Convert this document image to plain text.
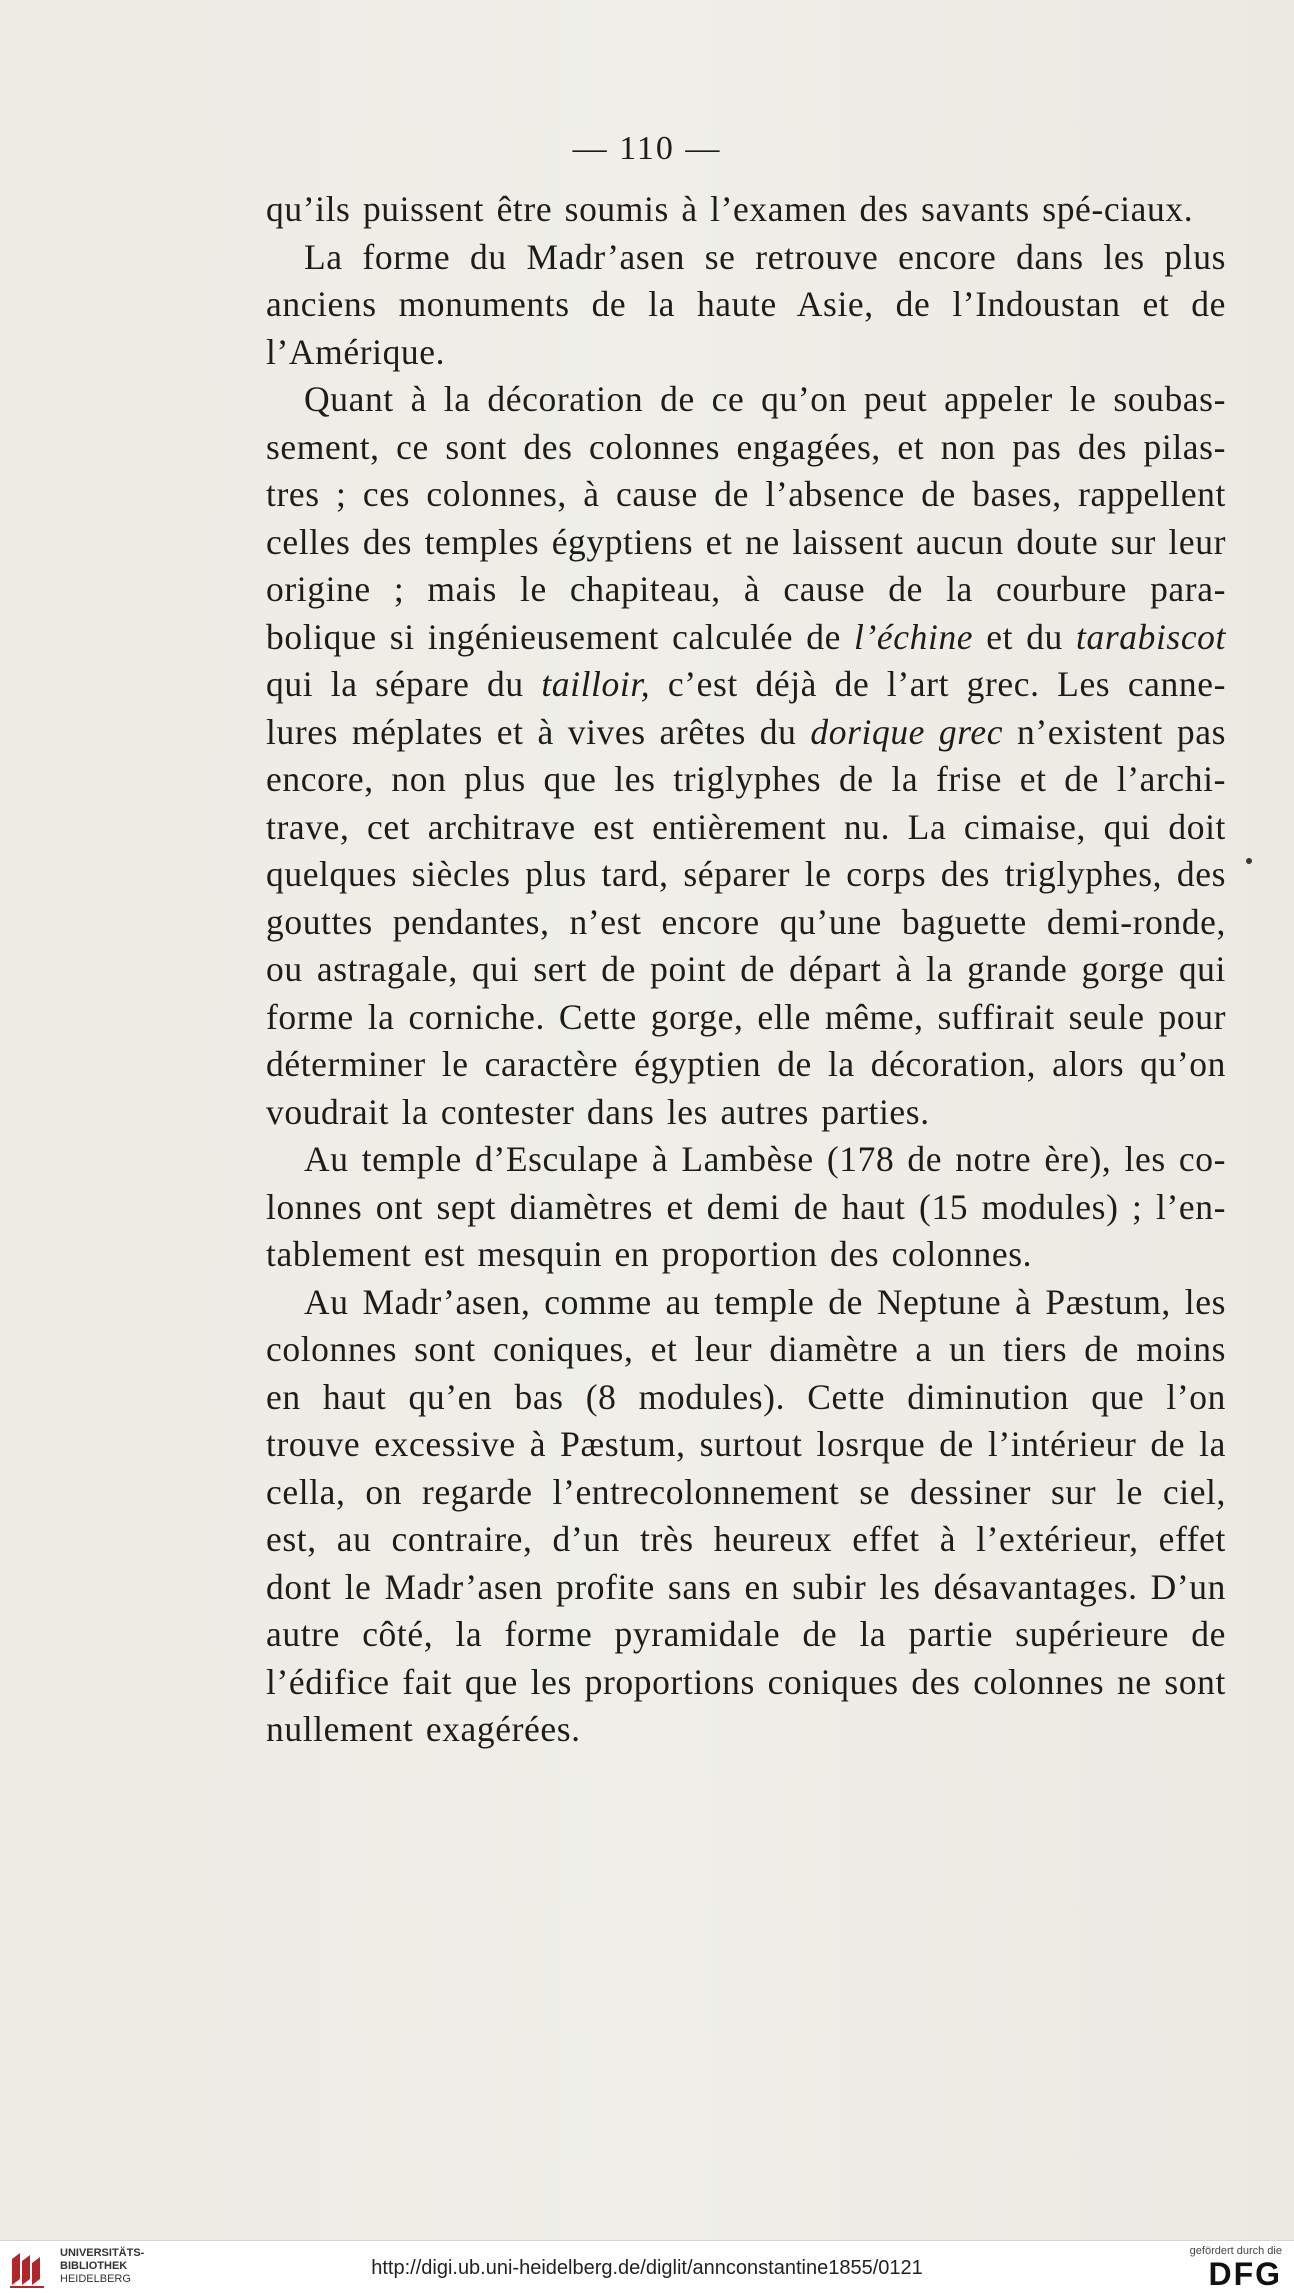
— 110 —

qu’ils puissent être soumis à l’examen des savants spé-ciaux.

La forme du Madr’asen se retrouve encore dans les plus anciens monuments de la haute Asie, de l’Indoustan et de l’Amérique.

Quant à la décoration de ce qu’on peut appeler le soubas-sement, ce sont des colonnes engagées, et non pas des pilas-tres ; ces colonnes, à cause de l’absence de bases, rappellent celles des temples égyptiens et ne laissent aucun doute sur leur origine ; mais le chapiteau, à cause de la courbure para-bolique si ingénieusement calculée de l’échine et du tarabiscot qui la sépare du tailloir, c’est déjà de l’art grec. Les canne-lures méplates et à vives arêtes du dorique grec n’existent pas encore, non plus que les triglyphes de la frise et de l’archi-trave, cet architrave est entièrement nu. La cimaise, qui doit quelques siècles plus tard, séparer le corps des triglyphes, des gouttes pendantes, n’est encore qu’une baguette demi-ronde, ou astragale, qui sert de point de départ à la grande gorge qui forme la corniche. Cette gorge, elle même, suffirait seule pour déterminer le caractère égyptien de la décoration, alors qu’on voudrait la contester dans les autres parties.

Au temple d’Esculape à Lambèse (178 de notre ère), les co-lonnes ont sept diamètres et demi de haut (15 modules) ; l’en-tablement est mesquin en proportion des colonnes.

Au Madr’asen, comme au temple de Neptune à Pæstum, les colonnes sont coniques, et leur diamètre a un tiers de moins en haut qu’en bas (8 modules). Cette diminution que l’on trouve excessive à Pæstum, surtout losrque de l’intérieur de la cella, on regarde l’entrecolonnement se dessiner sur le ciel, est, au contraire, d’un très heureux effet à l’extérieur, effet dont le Madr’asen profite sans en subir les désavantages. D’un autre côté, la forme pyramidale de la partie supérieure de l’édifice fait que les proportions coniques des colonnes ne sont nullement exagérées.

UNIVERSITÄTS-
BIBLIOTHEK
HEIDELBERG	http://digi.ub.uni-heidelberg.de/diglit/annconstantine1855/0121
gefördert durch die
DFG
